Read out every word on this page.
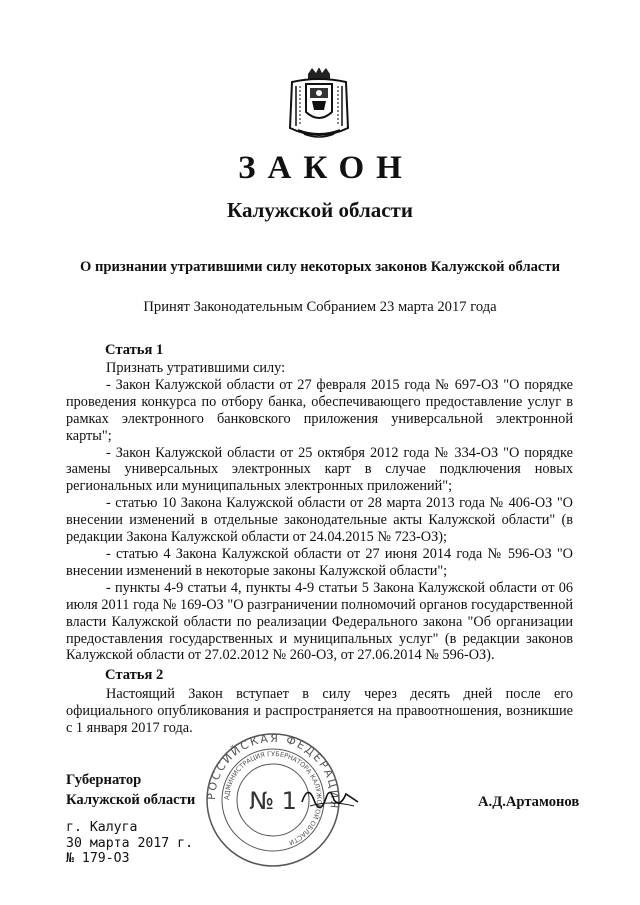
ЗАКОН
Калужской области
О признании утратившими силу некоторых законов Калужской области
Принят Законодательным Собранием 23 марта 2017 года
Статья 1

Признать утратившими силу:

- Закон Калужской области от 27 февраля 2015 года № 697-ОЗ "О порядке проведения конкурса по отбору банка, обеспечивающего предоставление услуг в рамках электронного банковского приложения универсальной электронной карты";

- Закон Калужской области от 25 октября 2012 года № 334-ОЗ "О порядке замены универсальных электронных карт в случае подключения новых региональных или муниципальных электронных приложений";

- статью 10 Закона Калужской области от 28 марта 2013 года № 406-ОЗ "О внесении изменений в отдельные законодательные акты Калужской области" (в редакции Закона Калужской области от 24.04.2015 № 723-ОЗ);

- статью 4 Закона Калужской области от 27 июня 2014 года № 596-ОЗ "О внесении изменений в некоторые законы Калужской области";

- пункты 4-9 статьи 4, пункты 4-9 статьи 5 Закона Калужской области от 06 июля 2011 года № 169-ОЗ "О разграничении полномочий органов государственной власти Калужской области по реализации Федерального закона "Об организации предоставления государственных и муниципальных услуг" (в редакции законов Калужской области от 27.02.2012 № 260-ОЗ, от 27.06.2014 № 596-ОЗ).

Статья 2

Настоящий Закон вступает в силу через десять дней после его официального опубликования и распространяется на правоотношения, возникшие с 1 января 2017 года.

РОССИЙСКАЯ ФЕДЕРАЦИЯ
АДМИНИСТРАЦИЯ ГУБЕРНАТОРА КАЛУЖСКОЙ ОБЛАСТИ
№ 1
Губернатор
Калужской области	А.Д.Артамонов
г. Калуга
30 марта 2017 г.
№ 179-ОЗ
